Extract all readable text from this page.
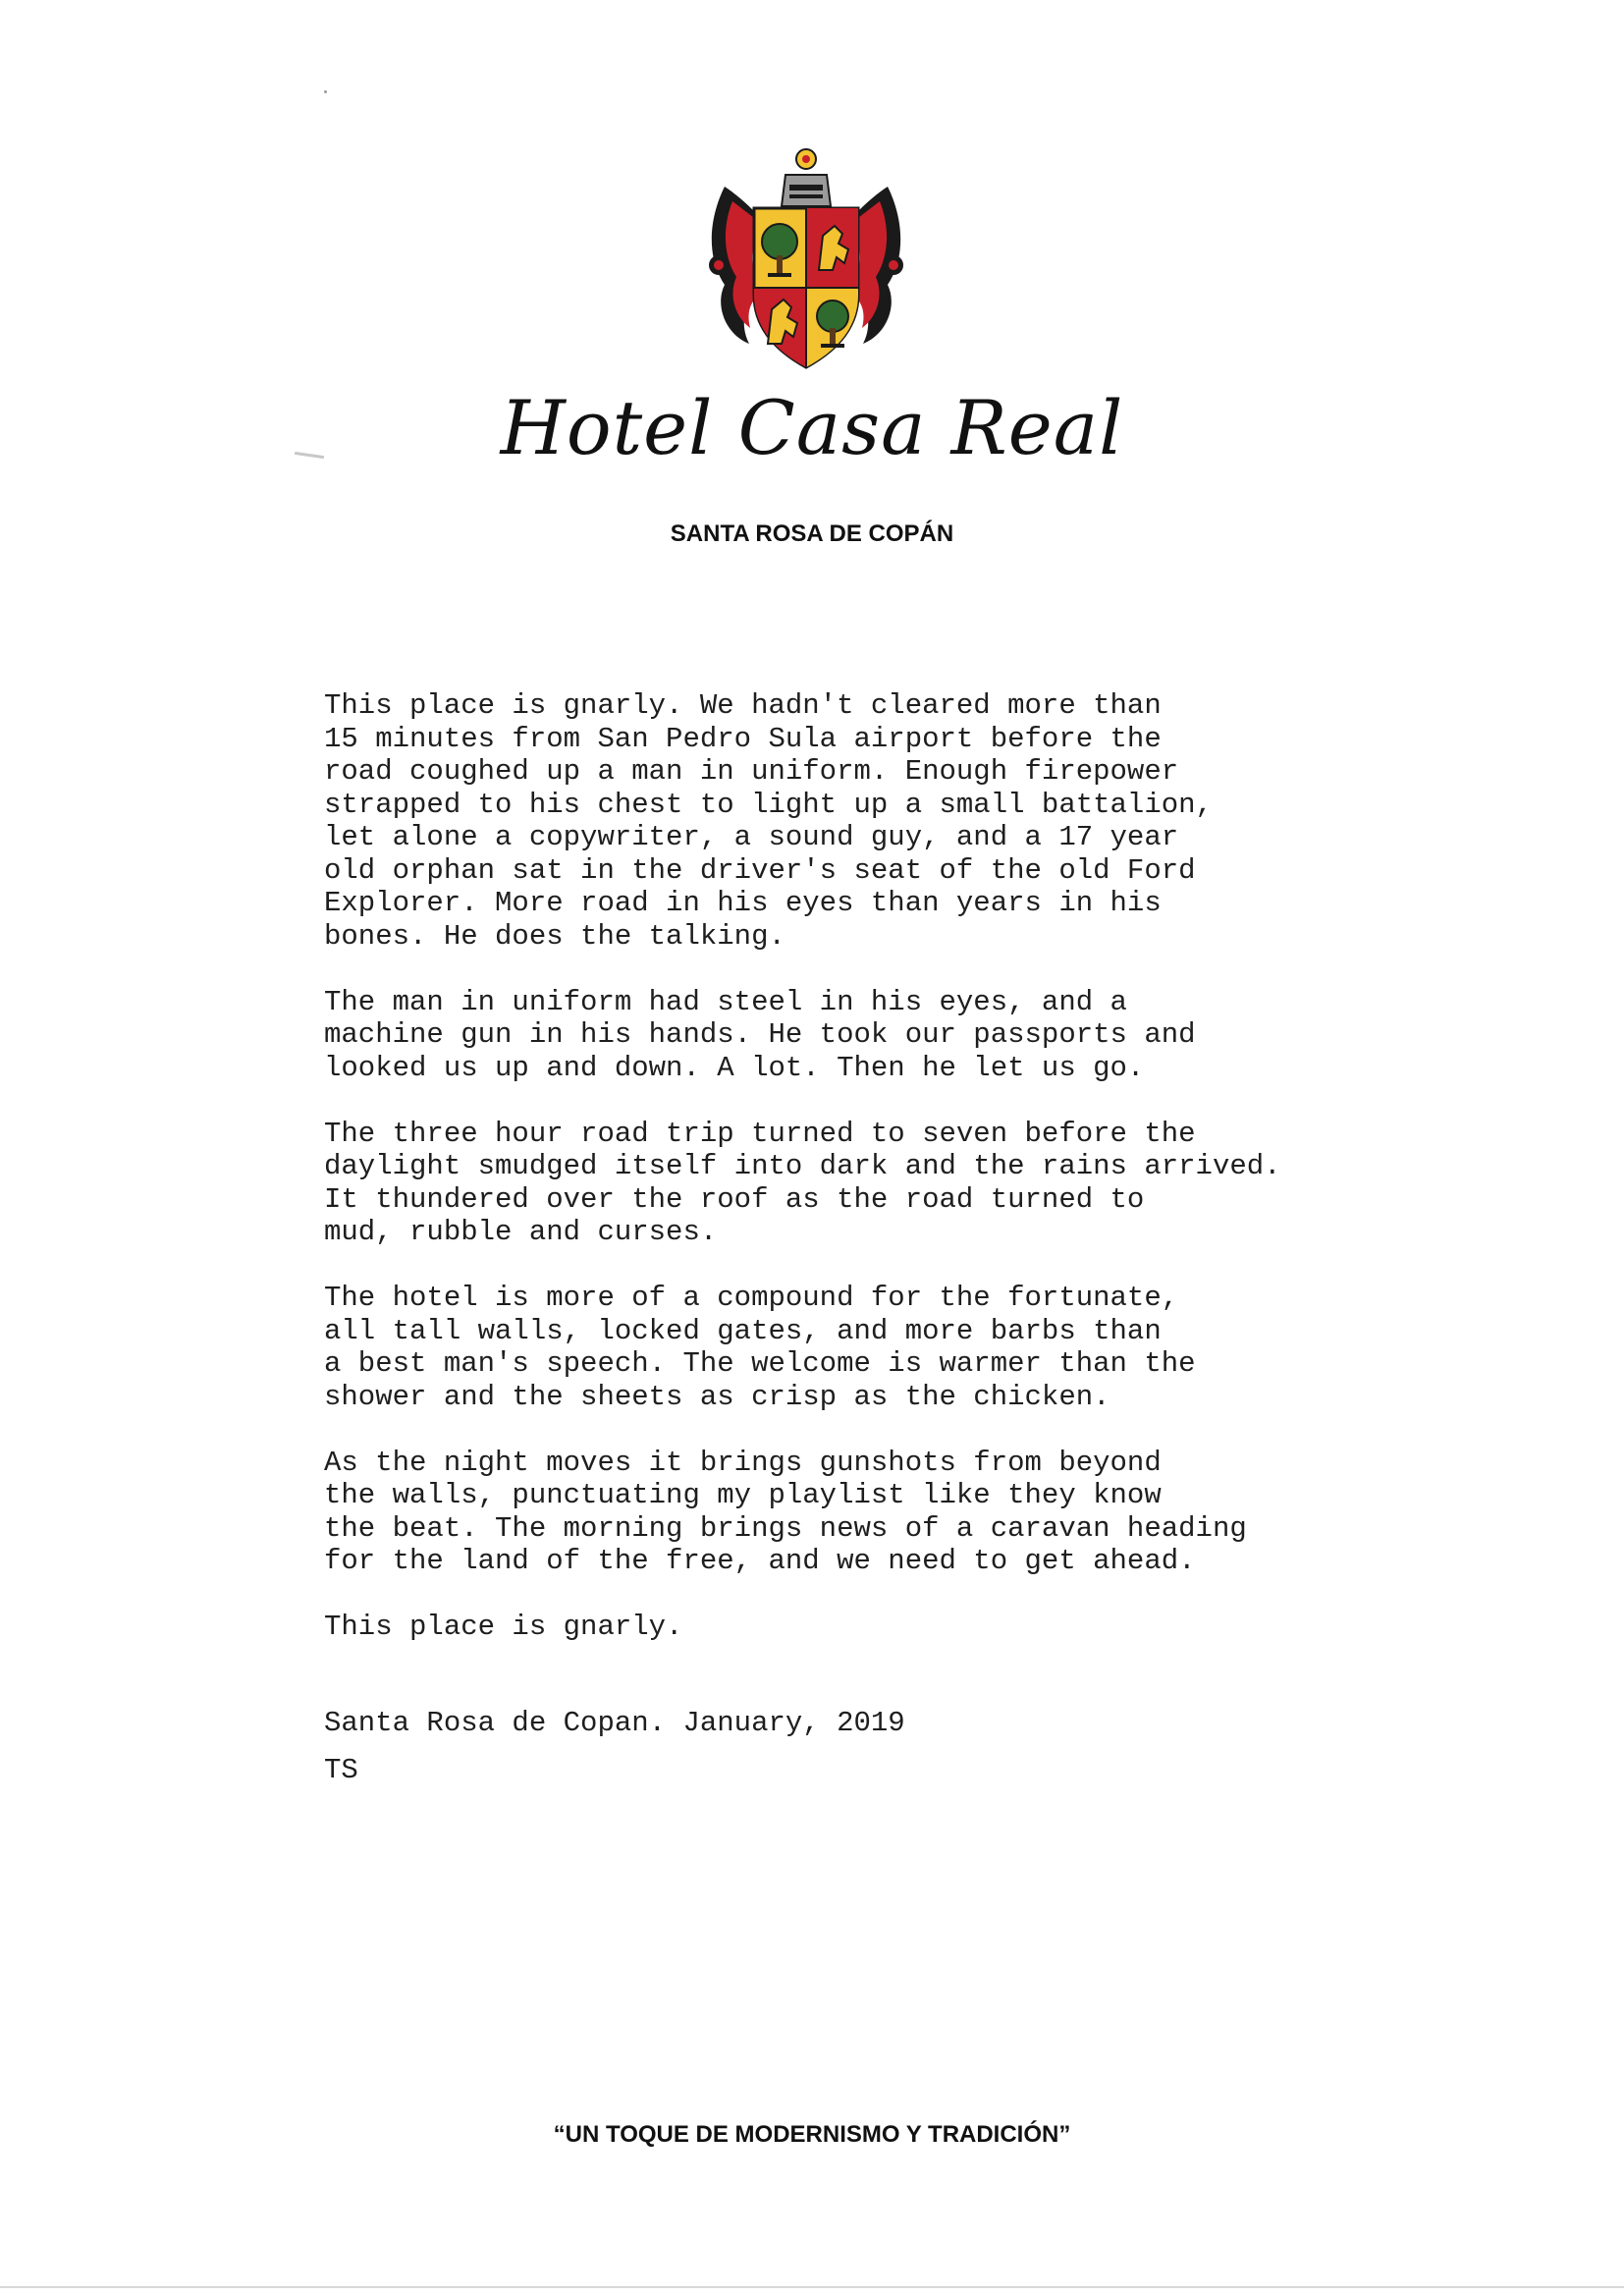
Hotel Casa Real
SANTA ROSA DE COPÁN

This place is gnarly. We hadn't cleared more than
15 minutes from San Pedro Sula airport before the
road coughed up a man in uniform. Enough firepower
strapped to his chest to light up a small battalion,
let alone a copywriter, a sound guy, and a 17 year
old orphan sat in the driver's seat of the old Ford
Explorer. More road in his eyes than years in his
bones. He does the talking.

The man in uniform had steel in his eyes, and a
machine gun in his hands. He took our passports and
looked us up and down. A lot. Then he let us go.

The three hour road trip turned to seven before the
daylight smudged itself into dark and the rains arrived.
It thundered over the roof as the road turned to
mud, rubble and curses.

The hotel is more of a compound for the fortunate,
all tall walls, locked gates, and more barbs than
a best man's speech. The welcome is warmer than the
shower and the sheets as crisp as the chicken.

As the night moves it brings gunshots from beyond
the walls, punctuating my playlist like they know
the beat. The morning brings news of a caravan heading
for the land of the free, and we need to get ahead.

This place is gnarly.

Santa Rosa de Copan. January, 2019
TS
“UN TOQUE DE MODERNISMO Y TRADICIÓN”
